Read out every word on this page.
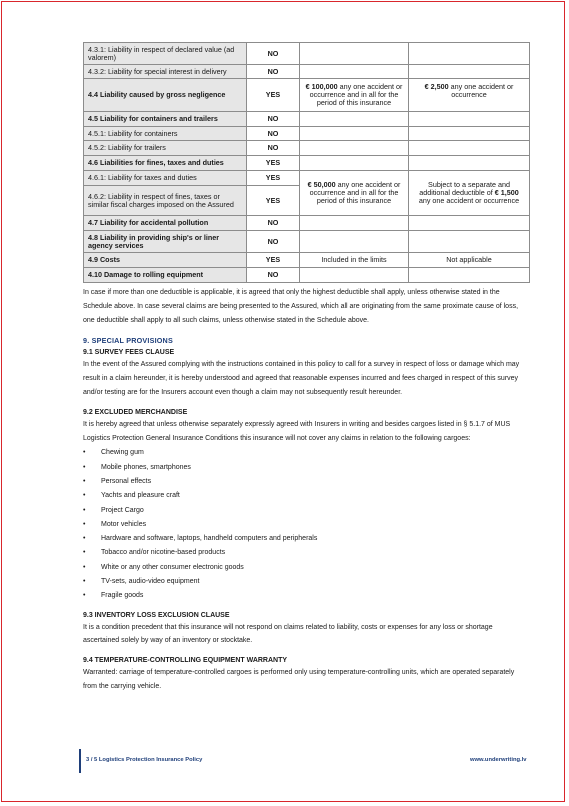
4.3.1: Liability in respect of declared value (ad valorem)	NO		
4.3.2: Liability for special interest in delivery	NO		
4.4 Liability caused by gross negligence	YES	€ 100,000 any one accident or occurrence and in all for the period of this insurance	€ 2,500 any one accident or occurrence
4.5 Liability for containers and trailers	NO		
4.5.1: Liability for containers	NO		
4.5.2: Liability for trailers	NO		
4.6 Liabilities for fines, taxes and duties	YES		
4.6.1: Liability for taxes and duties	YES	€ 50,000 any one accident or occurrence and in all for the period of this insurance	Subject to a separate and additional deductible of € 1,500 any one accident or occurrence
4.6.2: Liability in respect of fines, taxes or similar fiscal charges imposed on the Assured	YES		
4.7 Liability for accidental pollution	NO		
4.8 Liability in providing ship's or liner agency services	NO		
4.9 Costs	YES	Included in the limits	Not applicable
4.10 Damage to rolling equipment	NO		

In case if more than one deductible is applicable, it is agreed that only the highest deductible shall apply, unless otherwise stated in the Schedule above. In case several claims are being presented to the Assured, which all are originating from the same proximate cause of loss, one deductible shall apply to all such claims, unless otherwise stated in the Schedule above.

9. SPECIAL PROVISIONS
9.1 SURVEY FEES CLAUSE

In the event of the Assured complying with the instructions contained in this policy to call for a survey in respect of loss or damage which may result in a claim hereunder, it is hereby understood and agreed that reasonable expenses incurred and fees charged in respect of this survey and/or testing are for the Insurers account even though a claim may not subsequently result hereunder.

9.2 EXCLUDED MERCHANDISE

It is hereby agreed that unless otherwise separately expressly agreed with Insurers in writing and besides cargoes listed in § 5.1.7 of MUS Logistics Protection General Insurance Conditions this insurance will not cover any claims in relation to the following cargoes:

• Chewing gum
• Mobile phones, smartphones
• Personal effects
• Yachts and pleasure craft
• Project Cargo
• Motor vehicles
• Hardware and software, laptops, handheld computers and peripherals
• Tobacco and/or nicotine-based products
• White or any other consumer electronic goods
• TV-sets, audio-video equipment
• Fragile goods
9.3 INVENTORY LOSS EXCLUSION CLAUSE

It is a condition precedent that this insurance will not respond on claims related to liability, costs or expenses for any loss or shortage ascertained solely by way of an inventory or stocktake.

9.4 TEMPERATURE-CONTROLLING EQUIPMENT WARRANTY

Warranted: carriage of temperature-controlled cargoes is performed only using temperature-controlling units, which are operated separately from the carrying vehicle.

3 / 5 Logistics Protection Insurance Policy	www.underwriting.lv
